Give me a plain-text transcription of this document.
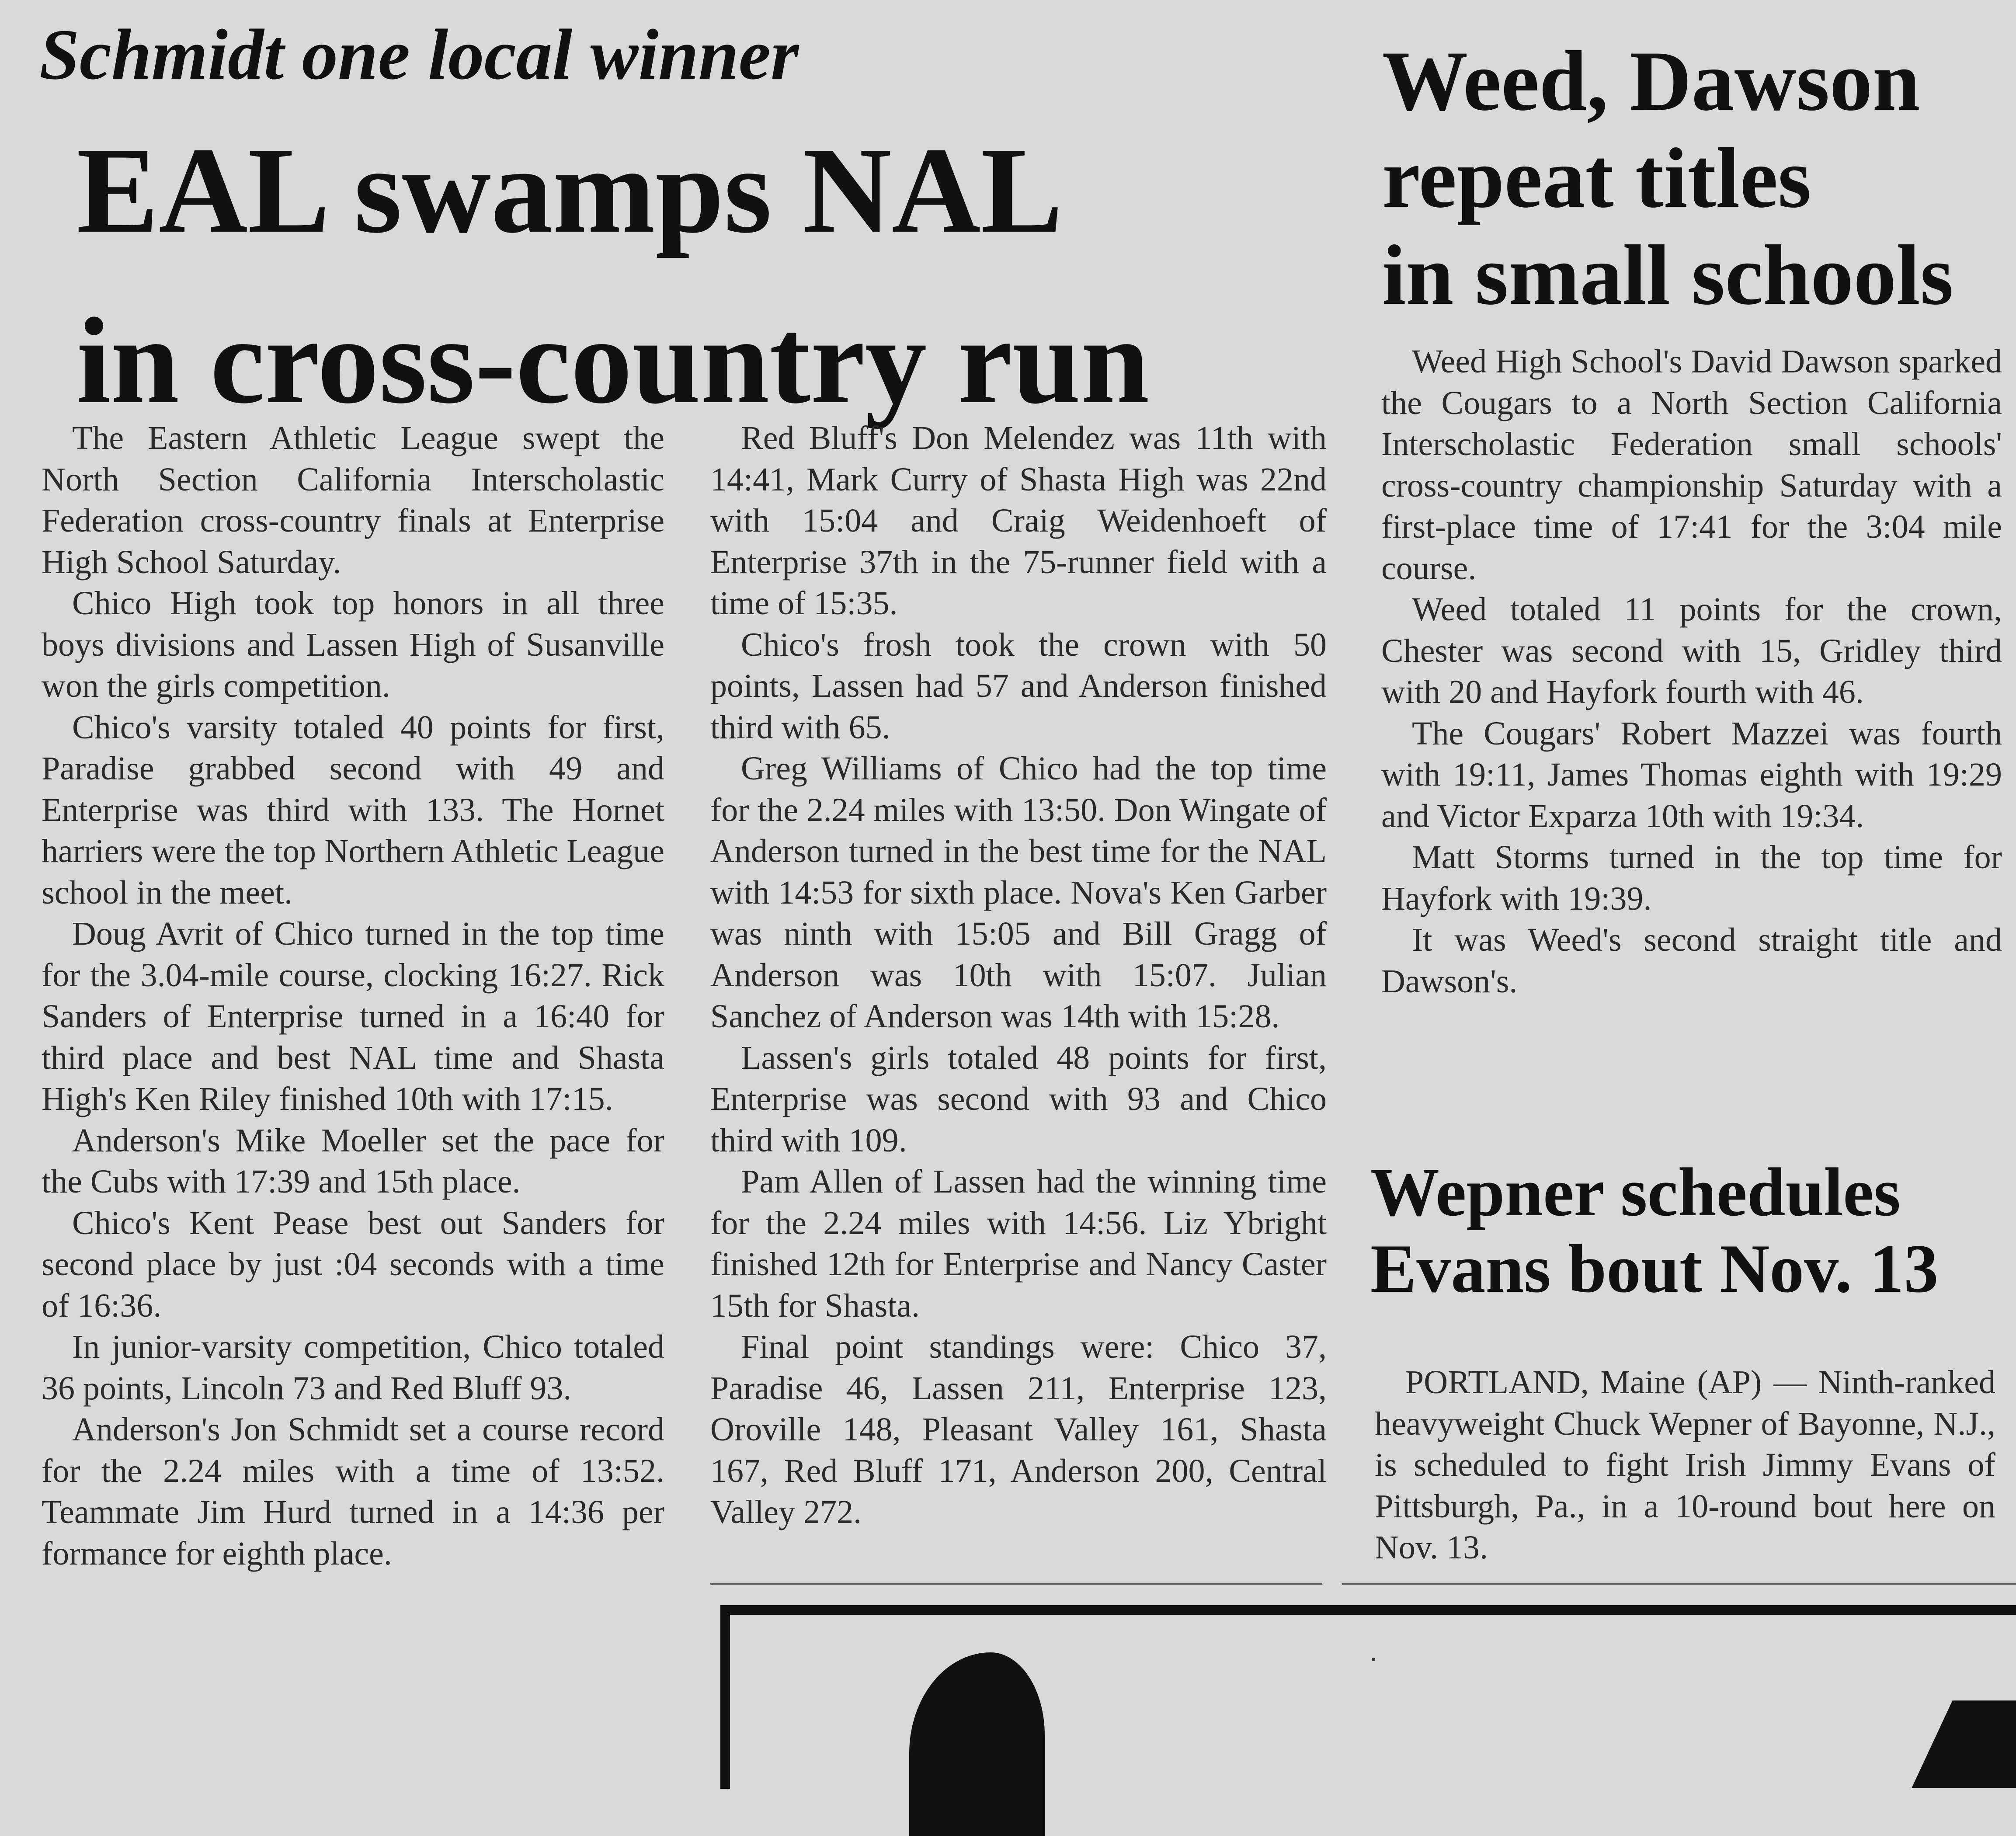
Schmidt one local winner
EAL swamps NAL
in cross-country run
Weed, Dawson
repeat titles
in small schools

The Eastern Athletic League swept the North Section California Interscholastic Federation cross-country finals at Enterprise High School Saturday.

Chico High took top honors in all three boys divisions and Lassen High of Susanville won the girls competition.

Chico's varsity totaled 40 points for first, Paradise grabbed second with 49 and Enterprise was third with 133. The Hornet harriers were the top Northern Athletic League school in the meet.

Doug Avrit of Chico turned in the top time for the 3.04-mile course, clocking 16:27. Rick Sanders of Enterprise turned in a 16:40 for third place and best NAL time and Shasta High's Ken Riley finished 10th with 17:15.

Anderson's Mike Moeller set the pace for the Cubs with 17:39 and 15th place.

Chico's Kent Pease best out Sanders for second place by just :04 seconds with a time of 16:36.

In junior-varsity competition, Chico totaled 36 points, Lincoln 73 and Red Bluff 93.

Anderson's Jon Schmidt set a course record for the 2.24 miles with a time of 13:52. Teammate Jim Hurd turned in a 14:36 per formance for eighth place.

Red Bluff's Don Melendez was 11th with 14:41, Mark Curry of Shasta High was 22nd with 15:04 and Craig Weidenhoeft of Enterprise 37th in the 75-runner field with a time of 15:35.

Chico's frosh took the crown with 50 points, Lassen had 57 and Anderson finished third with 65.

Greg Williams of Chico had the top time for the 2.24 miles with 13:50. Don Wingate of Anderson turned in the best time for the NAL with 14:53 for sixth place. Nova's Ken Garber was ninth with 15:05 and Bill Gragg of Anderson was 10th with 15:07. Julian Sanchez of Anderson was 14th with 15:28.

Lassen's girls totaled 48 points for first, Enterprise was second with 93 and Chico third with 109.

Pam Allen of Lassen had the winning time for the 2.24 miles with 14:56. Liz Ybright finished 12th for Enterprise and Nancy Caster 15th for Shasta.

Final point standings were: Chico 37, Paradise 46, Lassen 211, Enterprise 123, Oroville 148, Pleasant Valley 161, Shasta 167, Red Bluff 171, Anderson 200, Central Valley 272.

Weed High School's David Dawson sparked the Cougars to a North Section California Interscholastic Federation small schools' cross-country championship Saturday with a first-place time of 17:41 for the 3:04 mile course.

Weed totaled 11 points for the crown, Chester was second with 15, Gridley third with 20 and Hayfork fourth with 46.

The Cougars' Robert Mazzei was fourth with 19:11, James Thomas eighth with 19:29 and Victor Exparza 10th with 19:34.

Matt Storms turned in the top time for Hayfork with 19:39.

It was Weed's second straight title and Dawson's.

Wepner schedules
Evans bout Nov. 13

PORTLAND, Maine (AP) — Ninth-ranked heavyweight Chuck Wepner of Bayonne, N.J., is scheduled to fight Irish Jimmy Evans of Pittsburgh, Pa., in a 10-round bout here on Nov. 13.
